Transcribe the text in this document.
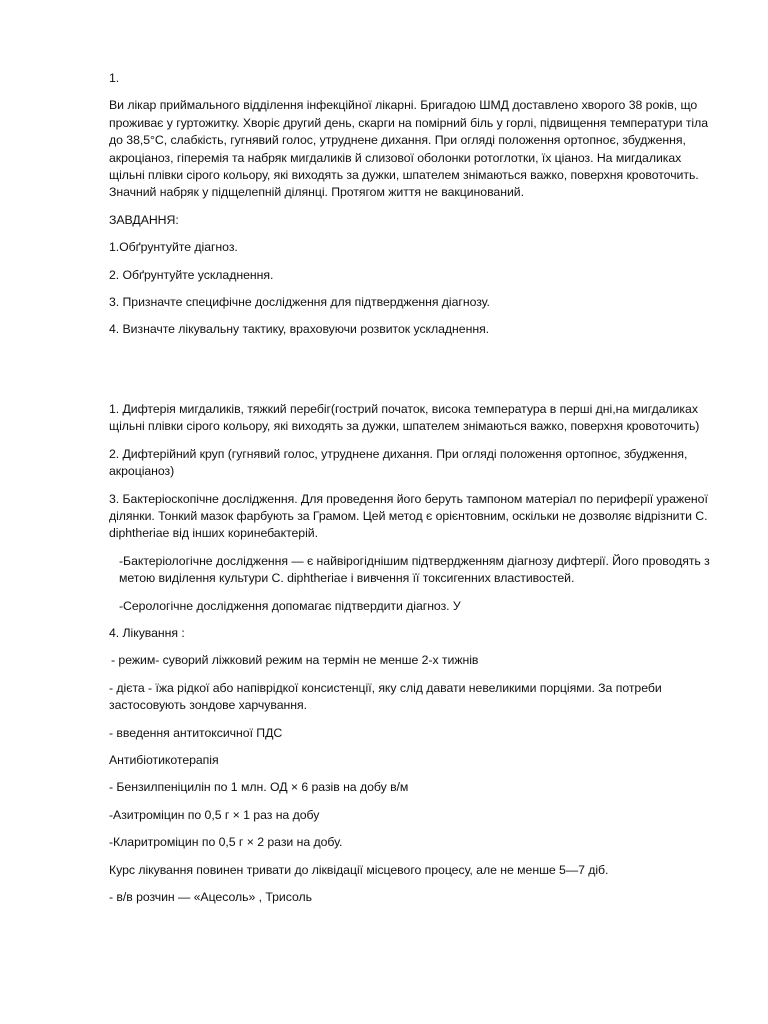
1.

Ви лікар приймального відділення інфекційної лікарні. Бригадою ШМД доставлено хворого 38 років, що проживає у гуртожитку. Хворіє другий день, скарги на помірний біль у горлі, підвищення температури тіла до 38,5°С, слабкість, гугнявий голос, утруднене дихання. При огляді положення ортопноє, збудження, акроціаноз, гіперемія та набряк мигдаликів й слизової оболонки ротоглотки, їх ціаноз. На мигдаликах щільні плівки сірого кольору, які виходять за дужки, шпателем знімаються важко, поверхня кровоточить. Значний набряк у підщелепній ділянці. Протягом життя не вакцинований.

ЗАВДАННЯ:

1.Обґрунтуйте діагноз.

2. Обґрунтуйте ускладнення.

3. Призначте специфічне дослідження для підтвердження діагнозу.

4. Визначте лікувальну тактику, враховуючи розвиток ускладнення.

1. Дифтерія мигдаликів, тяжкий перебіг(гострий початок, висока температура в перші дні,на мигдаликах щільні плівки сірого кольору, які виходять за дужки, шпателем знімаються важко, поверхня кровоточить)

2. Дифтерійний круп (гугнявий голос, утруднене дихання. При огляді положення ортопноє, збудження, акроціаноз)

3. Бактеріоскопічне дослідження. Для проведення його беруть тампоном матеріал по периферії ураженої ділянки. Тонкий мазок фарбують за Грамом. Цей метод є орієнтовним, оскільки не дозволяє відрізнити C. diphtheriae від інших коринебактерій.

-Бактеріологічне дослідження — є найвірогіднішим підтвердженням діагнозу дифтерії. Його проводять з метою виділення культури C. diphtheriae і вивчення її токсигенних властивостей.

-Серологічне дослідження допомагає підтвердити діагноз. У

4. Лікування :

- режим- суворий ліжковий режим на термін не менше 2-х тижнів

- дієта - їжа рідкої або напіврідкої консистенції, яку слід давати невеликими порціями. За потреби застосовують зондове харчування.

- введення антитоксичної ПДС

Антибіотикотерапія

- Бензилпеніцилін по 1 млн. ОД × 6 разів на добу в/м

-Азитроміцин по 0,5 г × 1 раз на добу

-Кларитроміцин по 0,5 г × 2 рази на добу.

Курс лікування повинен тривати до ліквідації місцевого процесу, але не менше 5—7 діб.

- в/в розчин — «Ацесоль» , Трисоль
